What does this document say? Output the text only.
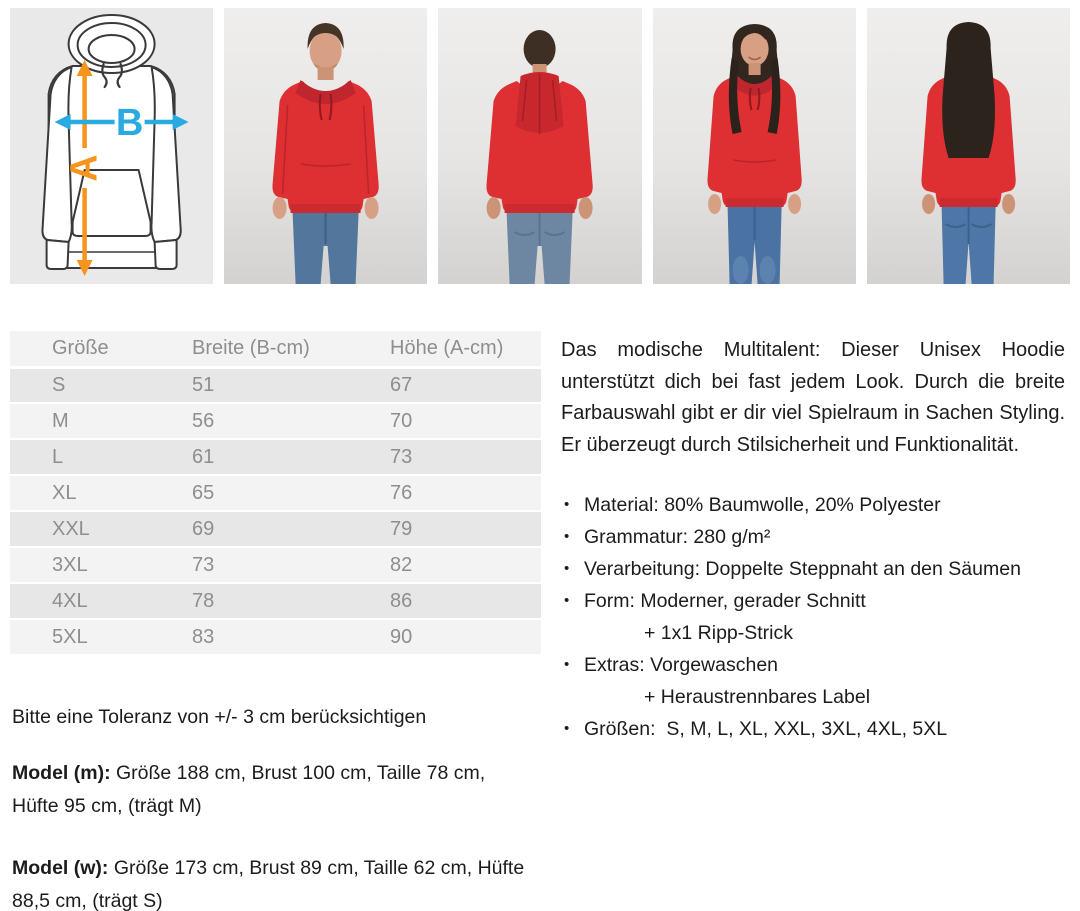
A
B
Größe	Breite (B-cm)	Höhe (A-cm)
S	51	67
M	56	70
L	61	73
XL	65	76
XXL	69	79
3XL	73	82
4XL	78	86
5XL	83	90

Bitte eine Toleranz von +/- 3 cm berücksichtigen

Model (m): Größe 188 cm, Brust 100 cm, Taille 78 cm, Hüfte 95 cm, (trägt M)

Model (w): Größe 173 cm, Brust 89 cm, Taille 62 cm, Hüfte 88,5 cm, (trägt S)

Das modische Multitalent: Dieser Unisex Hoodie unterstützt dich bei fast jedem Look. Durch die breite Farbauswahl gibt er dir viel Spielraum in Sachen Styling. Er überzeugt durch Stilsicherheit und Funktionalität.

• Material: 80% Baumwolle, 20% Polyester
• Grammatur: 280 g/m²
• Verarbeitung: Doppelte Steppnaht an den Säumen
• Form: Moderner, gerader Schnitt
+ 1x1 Ripp-Strick
• Extras: Vorgewaschen
+ Heraustrennbares Label
• Größen:  S, M, L, XL, XXL, 3XL, 4XL, 5XL
